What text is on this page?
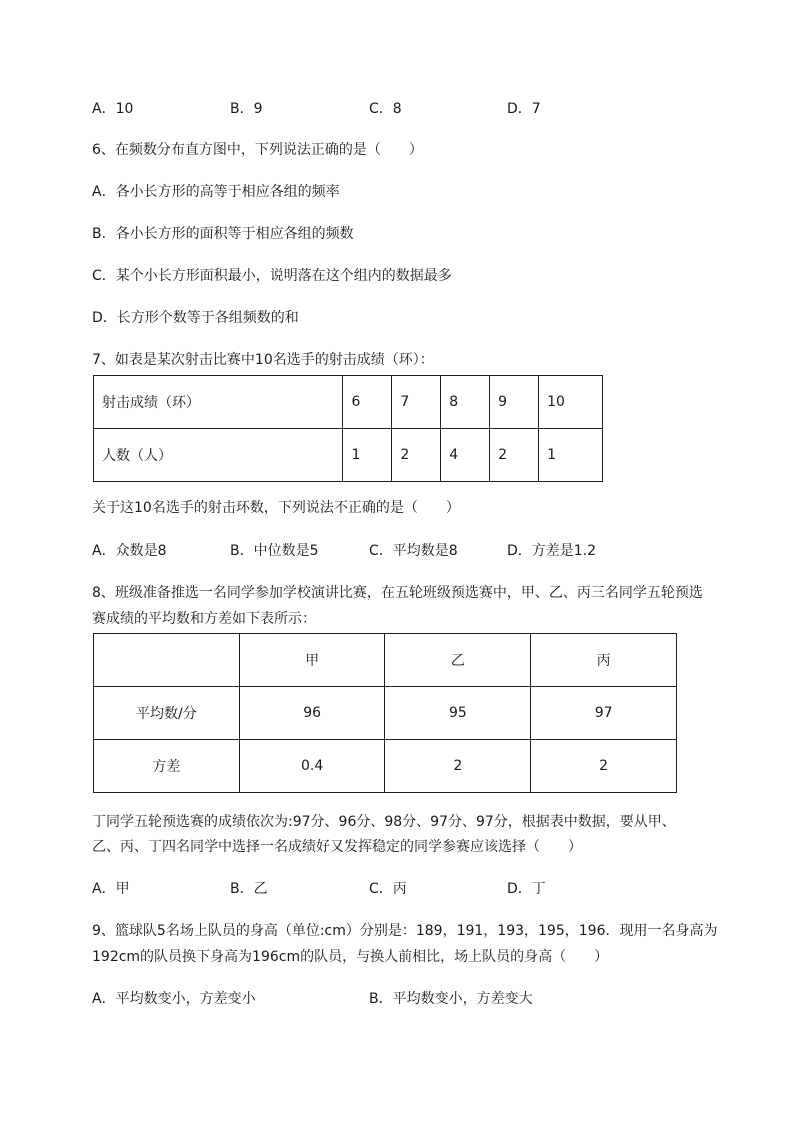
A．10	B．9	C．8	D．7
6、在频数分布直方图中，下列说法正确的是（　　）
A．各小长方形的高等于相应各组的频率
B．各小长方形的面积等于相应各组的频数
C．某个小长方形面积最小，说明落在这个组内的数据最多
D．长方形个数等于各组频数的和
7、如表是某次射击比赛中10名选手的射击成绩（环）：
射击成绩（环）	6	7	8	9	10
人数（人）	1	2	4	2	1
关于这10名选手的射击环数，下列说法不正确的是（　　）
A．众数是8	B．中位数是5	C．平均数是8	D．方差是1.2
8、班级准备推选一名同学参加学校演讲比赛，在五轮班级预选赛中，甲、乙、丙三名同学五轮预选
赛成绩的平均数和方差如下表所示：
	甲	乙	丙
平均数/分	96	95	97
方差	0.4	2	2
丁同学五轮预选赛的成绩依次为:97分、96分、98分、97分、97分，根据表中数据，要从甲、
乙、丙、丁四名同学中选择一名成绩好又发挥稳定的同学参赛应该选择（　　）
A．甲	B．乙	C．丙	D．丁
9、篮球队5名场上队员的身高（单位:cm）分别是：189，191，193，195，196．现用一名身高为
192cm的队员换下身高为196cm的队员，与换人前相比，场上队员的身高（　　）
A．平均数变小，方差变小	B．平均数变小，方差变大
